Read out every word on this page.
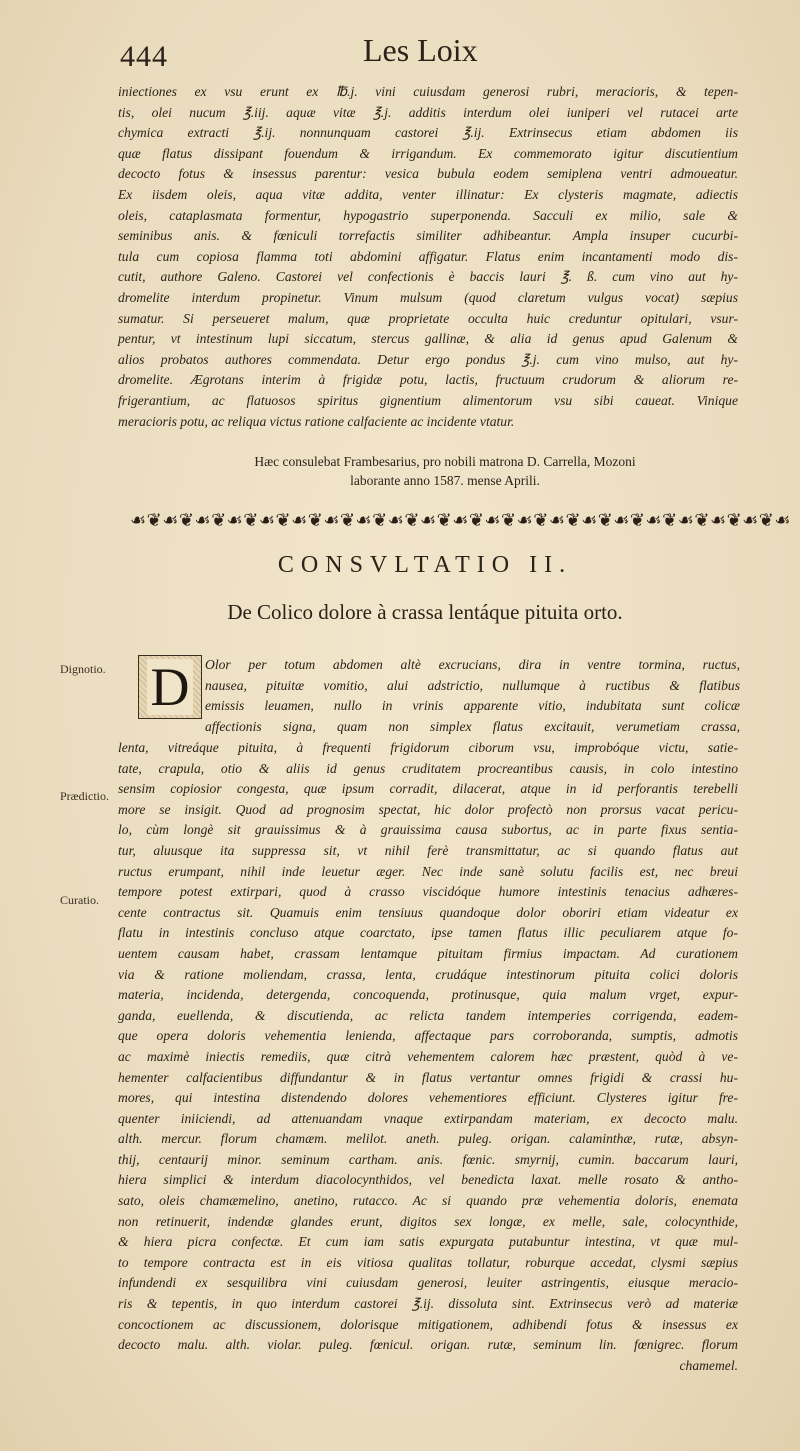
444	Les Loix
iniectiones ex vsu erunt ex ℔.j. vini cuiusdam generosi rubri, meracioris, & tepen-
tis, olei nucum ℥.iij. aquæ vitæ ℥.j. additis interdum olei iuniperi vel rutacei arte
chymica extracti ℥.ij. nonnunquam castorei ℥.ij. Extrinsecus etiam abdomen iis
quæ flatus dissipant fouendum & irrigandum. Ex commemorato igitur discutientium
decocto fotus & insessus parentur: vesica bubula eodem semiplena ventri admoueatur.
Ex iisdem oleis, aqua vitæ addita, venter illinatur: Ex clysteris magmate, adiectis
oleis, cataplasmata formentur, hypogastrio superponenda. Sacculi ex milio, sale &
seminibus anis. & fœniculi torrefactis similiter adhibeantur. Ampla insuper cucurbi-
tula cum copiosa flamma toti abdomini affigatur. Flatus enim incantamenti modo dis-
cutit, authore Galeno. Castorei vel confectionis è baccis lauri ℥. ß. cum vino aut hy-
dromelite interdum propinetur. Vinum mulsum (quod claretum vulgus vocat) sæpius
sumatur. Si perseueret malum, quæ proprietate occulta huic creduntur opitulari, vsur-
pentur, vt intestinum lupi siccatum, stercus gallinæ, & alia id genus apud Galenum &
alios probatos authores commendata. Detur ergo pondus ℥.j. cum vino mulso, aut hy-
dromelite. Ægrotans interim à frigidæ potu, lactis, fructuum crudorum & aliorum re-
frigerantium, ac flatuosos spiritus gignentium alimentorum vsu sibi caueat. Vinique
meracioris potu, ac reliqua victus ratione calfaciente ac incidente vtatur.
Hæc consulebat Frambesarius, pro nobili matrona D. Carrella, Mozoni
laborante anno 1587. mense Aprili.
☙❦☙❦☙❦☙❦☙❦☙❦☙❦☙❦☙❦☙❦☙❦☙❦☙❦☙❦☙❦☙❦☙❦☙❦☙❦☙❦☙
CONSVLTATIO II.
De Colico dolore à crassa lentáque pituita orto.
Dignotio.
Prædictio.
Curatio.
D Olor per totum abdomen altè excrucians, dira in ventre tormina, ructus,
nausea, pituitæ vomitio, alui adstrictio, nullumque à ructibus & flatibus
emissis leuamen, nullo in vrinis apparente vitio, indubitata sunt colicæ
affectionis signa, quam non simplex flatus excitauit, verumetiam crassa,
lenta, vitreáque pituita, à frequenti frigidorum ciborum vsu, improbóque victu, satie-
tate, crapula, otio & aliis id genus cruditatem procreantibus causis, in colo intestino
sensim copiosior congesta, quæ ipsum corradit, dilacerat, atque in id perforantis terebelli
more se insigit. Quod ad prognosim spectat, hic dolor profectò non prorsus vacat pericu-
lo, cùm longè sit grauissimus & à grauissima causa subortus, ac in parte fixus sentia-
tur, aluusque ita suppressa sit, vt nihil ferè transmittatur, ac si quando flatus aut
ructus erumpant, nihil inde leuetur æger. Nec inde sanè solutu facilis est, nec breui
tempore potest extirpari, quod à crasso viscidóque humore intestinis tenacius adhæres-
cente contractus sit. Quamuis enim tensiuus quandoque dolor oboriri etiam videatur ex
flatu in intestinis concluso atque coarctato, ipse tamen flatus illic peculiarem atque fo-
uentem causam habet, crassam lentamque pituitam firmius impactam. Ad curationem
via & ratione moliendam, crassa, lenta, crudáque intestinorum pituita colici doloris
materia, incidenda, detergenda, concoquenda, protinusque, quia malum vrget, expur-
ganda, euellenda, & discutienda, ac relicta tandem intemperies corrigenda, eadem-
que opera doloris vehementia lenienda, affectaque pars corroboranda, sumptis, admotis
ac maximè iniectis remediis, quæ citrà vehementem calorem hæc præstent, quòd à ve-
hementer calfacientibus diffundantur & in flatus vertantur omnes frigidi & crassi hu-
mores, qui intestina distendendo dolores vehementiores efficiunt. Clysteres igitur fre-
quenter iniiciendi, ad attenuandam vnaque extirpandam materiam, ex decocto malu.
alth. mercur. florum chamæm. melilot. aneth. puleg. origan. calaminthæ, rutæ, absyn-
thij, centaurij minor. seminum cartham. anis. fœnic. smyrnij, cumin. baccarum lauri,
hiera simplici & interdum diacolocynthidos, vel benedicta laxat. melle rosato & antho-
sato, oleis chamæmelino, anetino, rutacco. Ac si quando præ vehementia doloris, enemata
non retinuerit, indendæ glandes erunt, digitos sex longæ, ex melle, sale, colocynthide,
& hiera picra confectæ. Et cum iam satis expurgata putabuntur intestina, vt quæ mul-
to tempore contracta est in eis vitiosa qualitas tollatur, roburque accedat, clysmi sæpius
infundendi ex sesquilibra vini cuiusdam generosi, leuiter astringentis, eiusque meracio-
ris & tepentis, in quo interdum castorei ℥.ij. dissoluta sint. Extrinsecus verò ad materiæ
concoctionem ac discussionem, dolorisque mitigationem, adhibendi fotus & insessus ex
decocto malu. alth. violar. puleg. fœnicul. origan. rutæ, seminum lin. fœnigrec. florum
chamemel.
